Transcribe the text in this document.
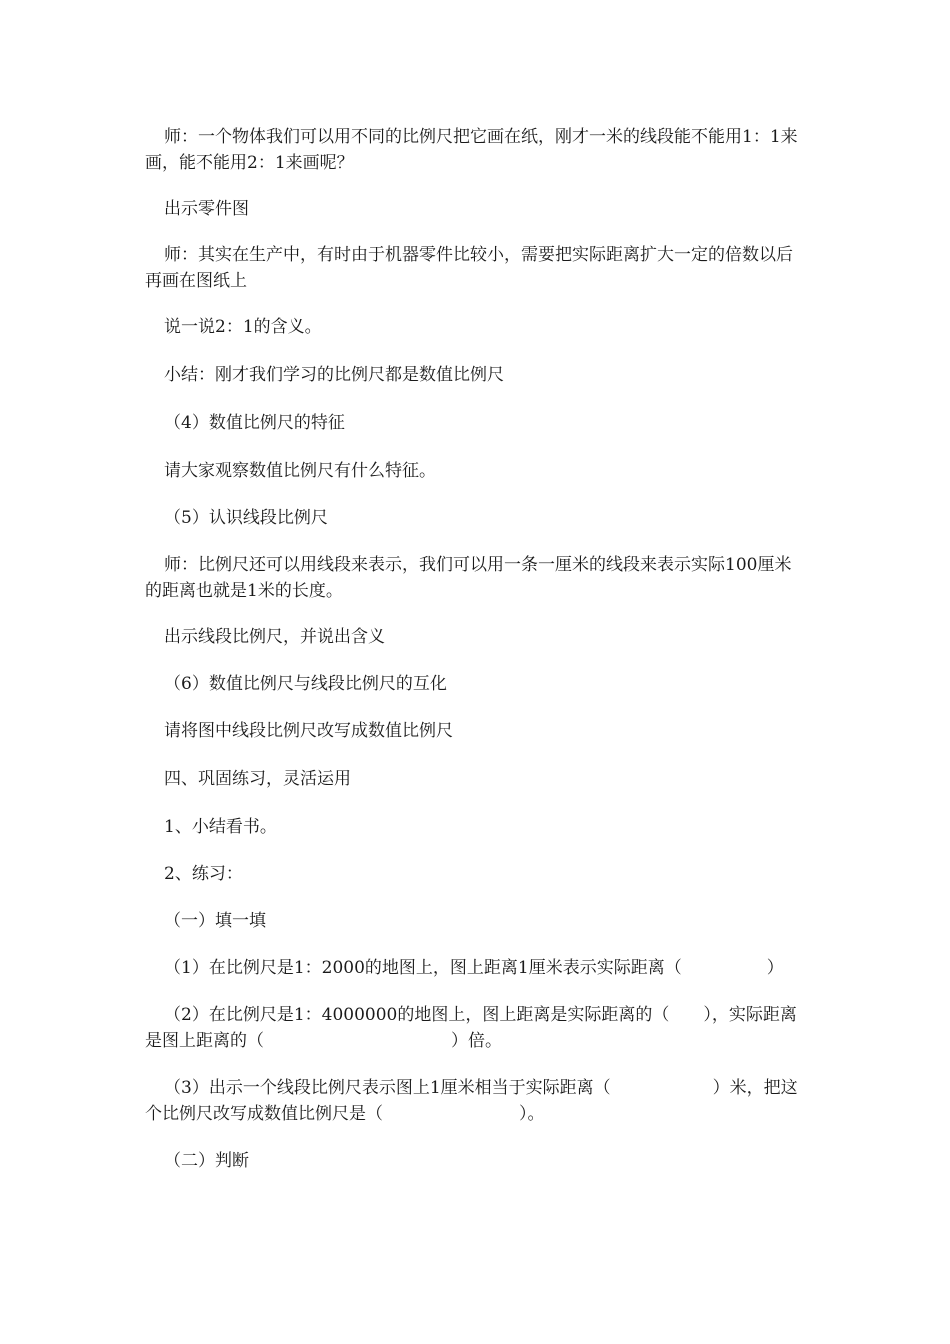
师：一个物体我们可以用不同的比例尺把它画在纸，刚才一米的线段能不能用1：1来画，能不能用2：1来画呢？

出示零件图

师：其实在生产中，有时由于机器零件比较小，需要把实际距离扩大一定的倍数以后再画在图纸上

说一说2：1的含义。

小结：刚才我们学习的比例尺都是数值比例尺

（4）数值比例尺的特征

请大家观察数值比例尺有什么特征。

（5）认识线段比例尺

师：比例尺还可以用线段来表示，我们可以用一条一厘米的线段来表示实际100厘米的距离也就是1米的长度。

出示线段比例尺，并说出含义

（6）数值比例尺与线段比例尺的互化

请将图中线段比例尺改写成数值比例尺

四、巩固练习，灵活运用

1、小结看书。

2、练习：

（一）填一填

（1）在比例尺是1：2000的地图上，图上距离1厘米表示实际距离（　　　　　）

（2）在比例尺是1：4000000的地图上，图上距离是实际距离的（　　），实际距离是图上距离的（　　　　　　　　　　　）倍。

（3）出示一个线段比例尺表示图上1厘米相当于实际距离（　　　　　　）米，把这个比例尺改写成数值比例尺是（　　　　　　　　）。

（二）判断
